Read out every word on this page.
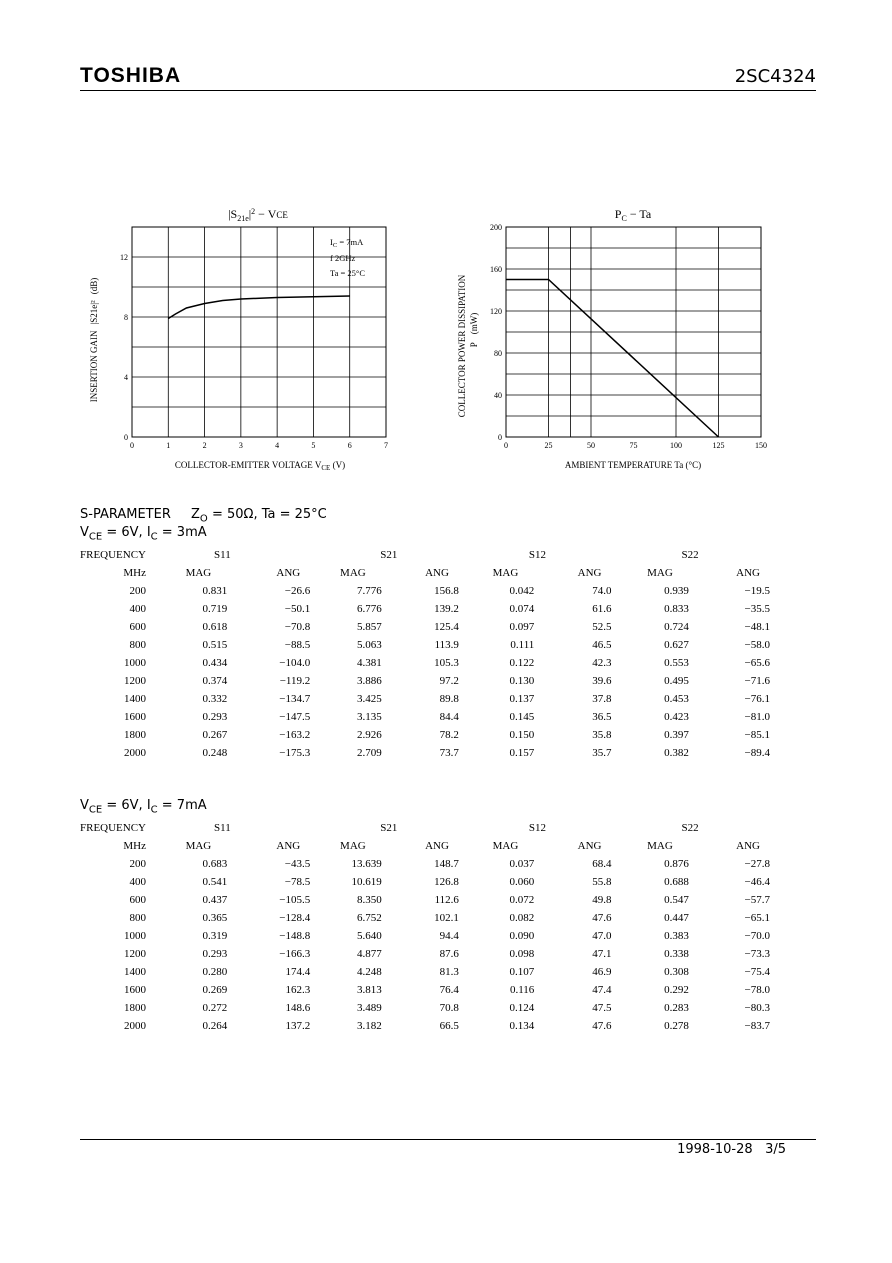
TOSHIBA	2SC4324
$|S_{21e}|^2$ − VCE
0	1	2	3	4	5	6	7
0
4
8
12
$I_C = 7mA$
f 2GHz
Ta = 25°C
COLLECTOR-EMITTER VOLTAGE $V_{CE}$ (V)
INSERTION GAIN|S21e|²(dB)
$P_C - Ta$
0	25	50	75	100	125	150
0
40
80
120
160
200
AMBIENT TEMPERATURE Ta (°C)
COLLECTOR POWER DISSIPATION P(mW)
S-PARAMETER $Z_O = 50\Omega$, Ta = 25°C
$V_{CE} = 6V$, $I_C = 3mA$
FREQUENCY	S11		S21		S12		S22	
MHz	MAG	ANG	MAG	ANG	MAG	ANG	MAG	ANG
200	0.831	−26.6	7.776	156.8	0.042	74.0	0.939	−19.5
400	0.719	−50.1	6.776	139.2	0.074	61.6	0.833	−35.5
600	0.618	−70.8	5.857	125.4	0.097	52.5	0.724	−48.1
800	0.515	−88.5	5.063	113.9	0.111	46.5	0.627	−58.0
1000	0.434	−104.0	4.381	105.3	0.122	42.3	0.553	−65.6
1200	0.374	−119.2	3.886	97.2	0.130	39.6	0.495	−71.6
1400	0.332	−134.7	3.425	89.8	0.137	37.8	0.453	−76.1
1600	0.293	−147.5	3.135	84.4	0.145	36.5	0.423	−81.0
1800	0.267	−163.2	2.926	78.2	0.150	35.8	0.397	−85.1
2000	0.248	−175.3	2.709	73.7	0.157	35.7	0.382	−89.4
$V_{CE} = 6V$, $I_C = 7mA$
FREQUENCY	S11		S21		S12		S22	
MHz	MAG	ANG	MAG	ANG	MAG	ANG	MAG	ANG
200	0.683	−43.5	13.639	148.7	0.037	68.4	0.876	−27.8
400	0.541	−78.5	10.619	126.8	0.060	55.8	0.688	−46.4
600	0.437	−105.5	8.350	112.6	0.072	49.8	0.547	−57.7
800	0.365	−128.4	6.752	102.1	0.082	47.6	0.447	−65.1
1000	0.319	−148.8	5.640	94.4	0.090	47.0	0.383	−70.0
1200	0.293	−166.3	4.877	87.6	0.098	47.1	0.338	−73.3
1400	0.280	174.4	4.248	81.3	0.107	46.9	0.308	−75.4
1600	0.269	162.3	3.813	76.4	0.116	47.4	0.292	−78.0
1800	0.272	148.6	3.489	70.8	0.124	47.5	0.283	−80.3
2000	0.264	137.2	3.182	66.5	0.134	47.6	0.278	−83.7
1998-10-28 3/5
